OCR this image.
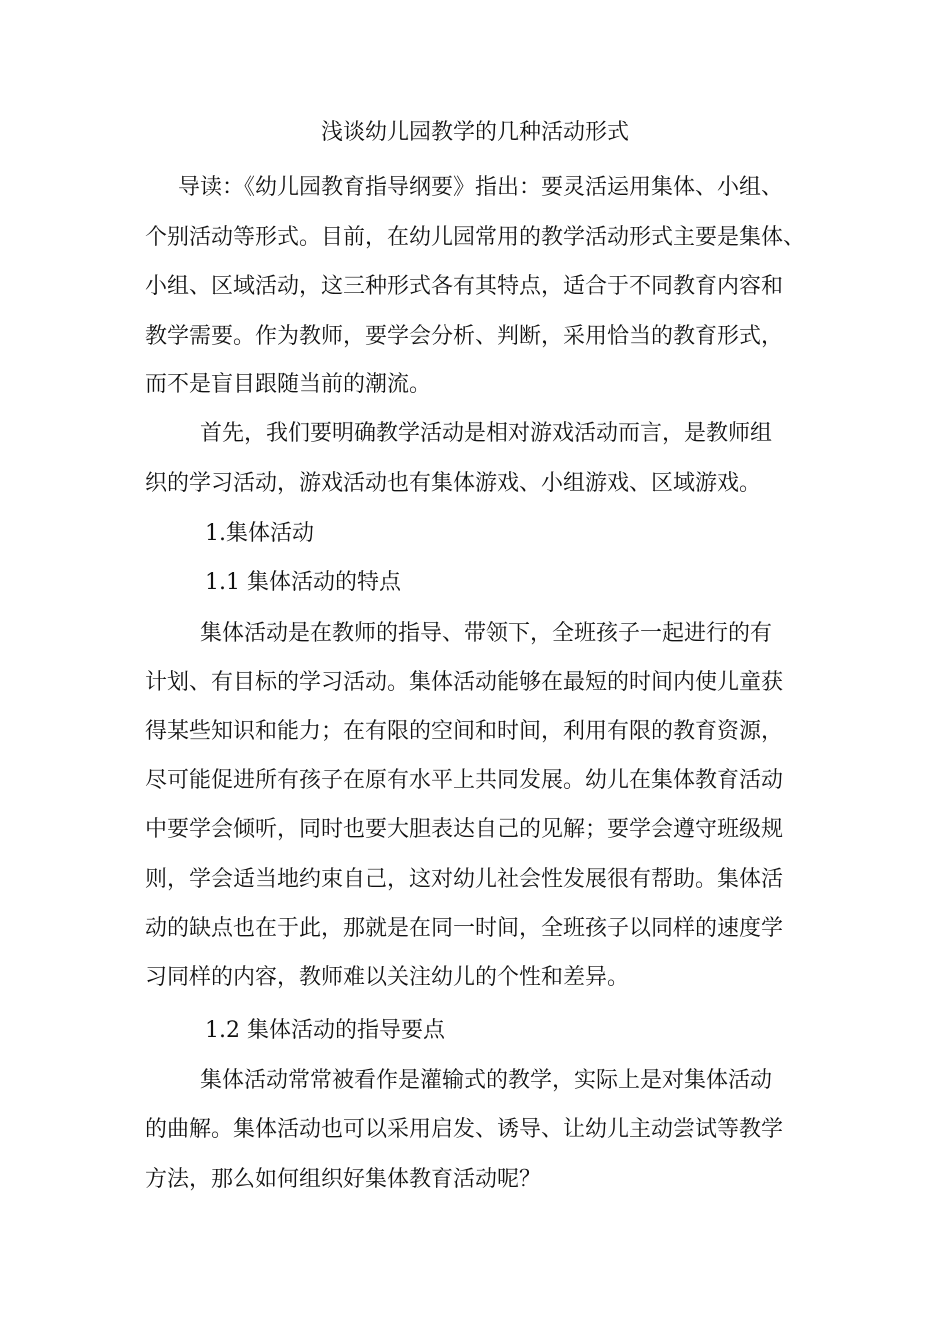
浅谈幼儿园教学的几种活动形式
导读：《幼儿园教育指导纲要》指出：要灵活运用集体、小组、
个别活动等形式。目前，在幼儿园常用的教学活动形式主要是集体、
小组、区域活动，这三种形式各有其特点，适合于不同教育内容和
教学需要。作为教师，要学会分析、判断，采用恰当的教育形式，
而不是盲目跟随当前的潮流。
首先，我们要明确教学活动是相对游戏活动而言，是教师组
织的学习活动，游戏活动也有集体游戏、小组游戏、区域游戏。
1.集体活动
1.1 集体活动的特点
集体活动是在教师的指导、带领下，全班孩子一起进行的有
计划、有目标的学习活动。集体活动能够在最短的时间内使儿童获
得某些知识和能力；在有限的空间和时间，利用有限的教育资源，
尽可能促进所有孩子在原有水平上共同发展。幼儿在集体教育活动
中要学会倾听，同时也要大胆表达自己的见解；要学会遵守班级规
则，学会适当地约束自己，这对幼儿社会性发展很有帮助。集体活
动的缺点也在于此，那就是在同一时间，全班孩子以同样的速度学
习同样的内容，教师难以关注幼儿的个性和差异。
1.2 集体活动的指导要点
集体活动常常被看作是灌输式的教学，实际上是对集体活动
的曲解。集体活动也可以采用启发、诱导、让幼儿主动尝试等教学
方法，那么如何组织好集体教育活动呢？
